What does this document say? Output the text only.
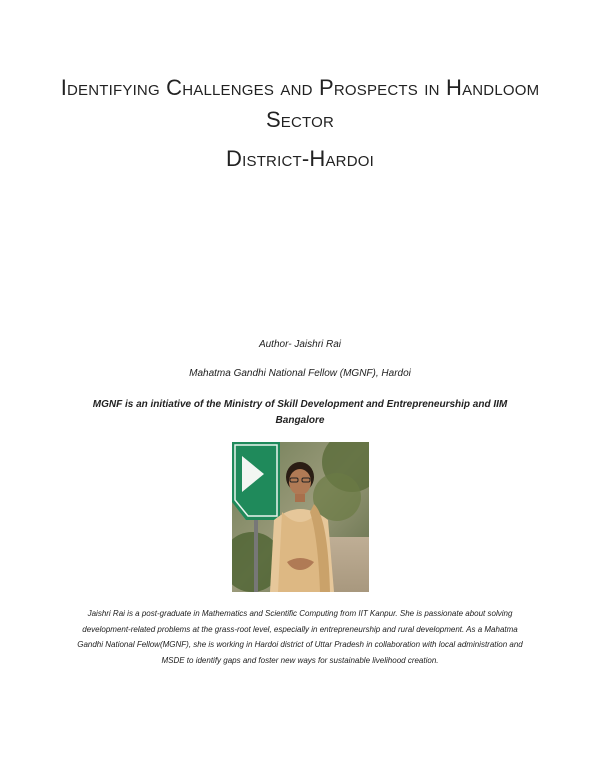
Identifying Challenges and Prospects in Handloom Sector
District-Hardoi
Author- Jaishri Rai
Mahatma Gandhi National Fellow (MGNF), Hardoi
MGNF is an initiative of the Ministry of Skill Development and Entrepreneurship and IIM Bangalore
Jaishri Rai is a post-graduate in Mathematics and Scientific Computing from IIT Kanpur. She is passionate about solving development-related problems at the grass-root level, especially in entrepreneurship and rural development. As a Mahatma Gandhi National Fellow(MGNF), she is working in Hardoi district of Uttar Pradesh in collaboration with local administration and MSDE to identify gaps and foster new ways for sustainable livelihood creation.
